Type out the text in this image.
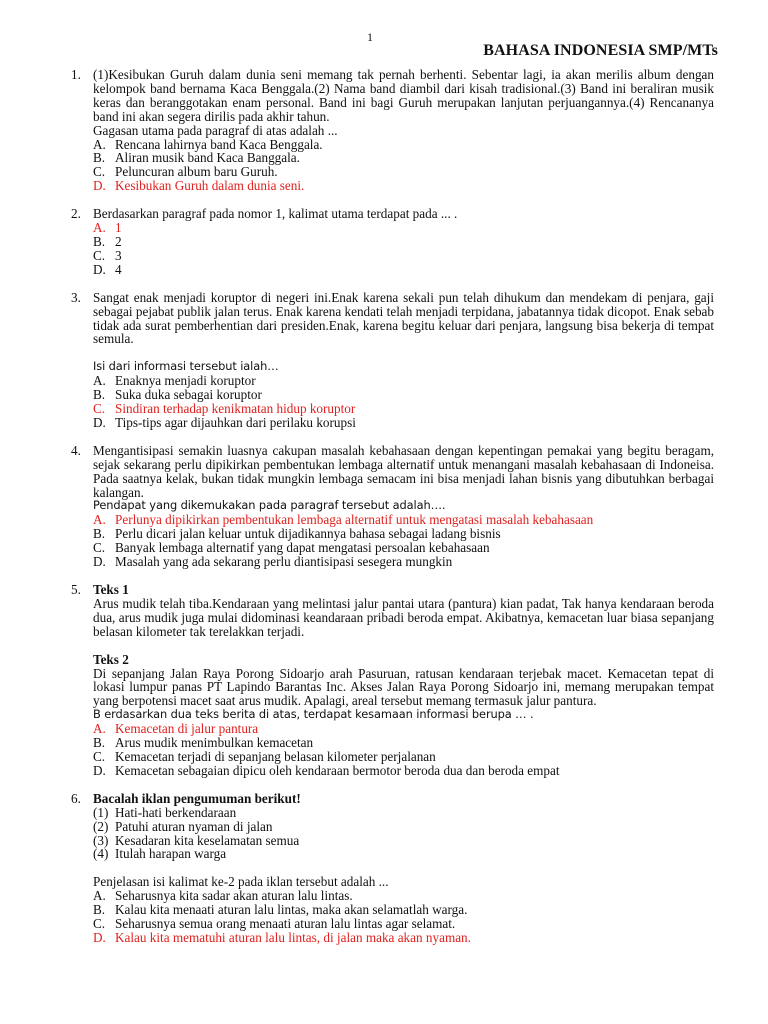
1
BAHASA INDONESIA SMP/MTs
1. (1)Kesibukan Guruh dalam dunia seni memang tak pernah berhenti. Sebentar lagi, ia akan merilis album dengan kelompok band bernama Kaca Benggala.(2) Nama band diambil dari kisah tradisional.(3) Band ini beraliran musik keras dan beranggotakan enam personal. Band ini bagi Guruh merupakan lanjutan perjuangannya.(4) Rencananya band ini akan segera dirilis pada akhir tahun.
Gagasan utama pada paragraf di atas adalah ...
A. Rencana lahirnya band Kaca Benggala.
B. Aliran musik band Kaca Banggala.
C. Peluncuran album baru Guruh.
D. Kesibukan Guruh dalam dunia seni.
2. Berdasarkan paragraf pada nomor 1, kalimat utama terdapat pada ... .
A. 1
B. 2
C. 3
D. 4
3. Sangat enak menjadi koruptor di negeri ini.Enak karena sekali pun telah dihukum dan mendekam di penjara, gaji sebagai pejabat publik jalan terus. Enak karena kendati telah menjadi terpidana, jabatannya tidak dicopot. Enak sebab tidak ada surat pemberhentian dari presiden.Enak, karena begitu keluar dari penjara, langsung bisa bekerja di tempat semula.
Isi dari informasi tersebut ialah…
A. Enaknya menjadi koruptor
B. Suka duka sebagai koruptor
C. Sindiran terhadap kenikmatan hidup koruptor
D. Tips-tips agar dijauhkan dari perilaku korupsi
4. Mengantisipasi semakin luasnya cakupan masalah kebahasaan dengan kepentingan pemakai yang begitu beragam, sejak sekarang perlu dipikirkan pembentukan lembaga alternatif untuk menangani masalah kebahasaan di Indoneisa. Pada saatnya kelak, bukan tidak mungkin lembaga semacam ini bisa menjadi lahan bisnis yang dibutuhkan berbagai kalangan.
Pendapat yang dikemukakan pada paragraf tersebut adalah….
A. Perlunya dipikirkan pembentukan lembaga alternatif untuk mengatasi masalah kebahasaan
B. Perlu dicari jalan keluar untuk dijadikannya bahasa sebagai ladang bisnis
C. Banyak lembaga alternatif yang dapat mengatasi persoalan kebahasaan
D. Masalah yang ada sekarang perlu diantisipasi sesegera mungkin
5. Teks 1
Arus mudik telah tiba.Kendaraan yang melintasi jalur pantai utara (pantura) kian padat, Tak hanya kendaraan beroda dua, arus mudik juga mulai didominasi keandaraan pribadi beroda empat. Akibatnya, kemacetan luar biasa sepanjang belasan kilometer tak terelakkan terjadi.
Teks 2
Di sepanjang Jalan Raya Porong Sidoarjo arah Pasuruan, ratusan kendaraan terjebak macet. Kemacetan tepat di lokasi lumpur panas PT Lapindo Barantas Inc. Akses Jalan Raya Porong Sidoarjo ini, memang merupakan tempat yang berpotensi macet saat arus mudik. Apalagi, areal tersebut memang termasuk jalur pantura.
B erdasarkan dua teks berita di atas, terdapat kesamaan informasi berupa … .
A. Kemacetan di jalur pantura
B. Arus mudik menimbulkan kemacetan
C. Kemacetan terjadi di sepanjang belasan kilometer perjalanan
D. Kemacetan sebagaian dipicu oleh kendaraan bermotor beroda dua dan beroda empat
6. Bacalah iklan pengumuman berikut!
(1) Hati-hati berkendaraan
(2) Patuhi aturan nyaman di jalan
(3) Kesadaran kita keselamatan semua
(4) Itulah harapan warga
Penjelasan isi kalimat ke-2 pada iklan tersebut adalah ...
A. Seharusnya kita sadar akan aturan lalu lintas.
B. Kalau kita menaati aturan lalu lintas, maka akan selamatlah warga.
C. Seharusnya semua orang menaati aturan lalu lintas agar selamat.
D. Kalau kita mematuhi aturan lalu lintas, di jalan maka akan nyaman.
